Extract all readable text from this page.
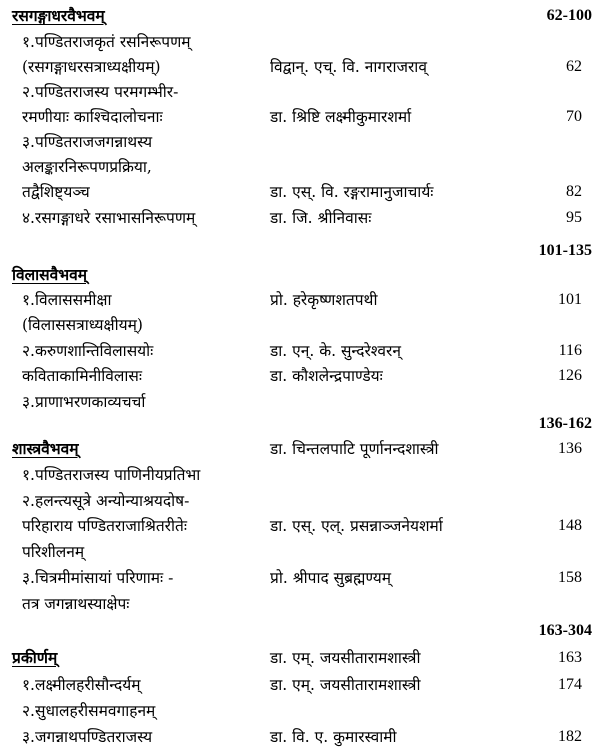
रसगङ्गाधरवैभवम्	62-100
१.पण्डितराजकृतं रसनिरूपणम्
(रसगङ्गाधरसत्राध्यक्षीयम्)	विद्वान्. एच्. वि. नागराजराव्	62
२.पण्डितराजस्य परमगम्भीर-
रमणीयाः काश्चिदालोचनाः	डा. श्रिष्टि लक्ष्मीकुमारशर्मा	70
३.पण्डितराजजगन्नाथस्य
अलङ्कारनिरूपणप्रक्रिया,
तद्वैशिष्ट्यञ्च	डा. एस्. वि. रङ्गरामानुजाचार्यः	82
४.रसगङ्गाधरे रसाभासनिरूपणम्	डा. जि. श्रीनिवासः	95
101-135
विलासवैभवम्
१.विलाससमीक्षा	प्रो. हरेकृष्णशतपथी	101
(विलाससत्राध्यक्षीयम्)
२.करुणशान्तिविलासयोः	डा. एन्. के. सुन्दरेश्वरन्	116
कविताकामिनीविलासः	डा. कौशलेन्द्रपाण्डेयः	126
३.प्राणाभरणकाव्यचर्चा
136-162
शास्त्रवैभवम्	डा. चिन्तलपाटि पूर्णानन्दशास्त्री	136
१.पण्डितराजस्य पाणिनीयप्रतिभा
२.हलन्त्यसूत्रे अन्योन्याश्रयदोष-
परिहाराय पण्डितराजाश्रितरीतेः	डा. एस्. एल्. प्रसन्नाञ्जनेयशर्मा	148
परिशीलनम्
३.चित्रमीमांसायां परिणामः -	प्रो. श्रीपाद सुब्रह्मण्यम्	158
तत्र जगन्नाथस्याक्षेपः
163-304
प्रकीर्णम्	डा. एम्. जयसीतारामशास्त्री	163
१.लक्ष्मीलहरीसौन्दर्यम्	डा. एम्. जयसीतारामशास्त्री	174
२.सुधालहरीसमवगाहनम्
३.जगन्नाथपण्डितराजस्य	डा. वि. ए. कुमारस्वामी	182
